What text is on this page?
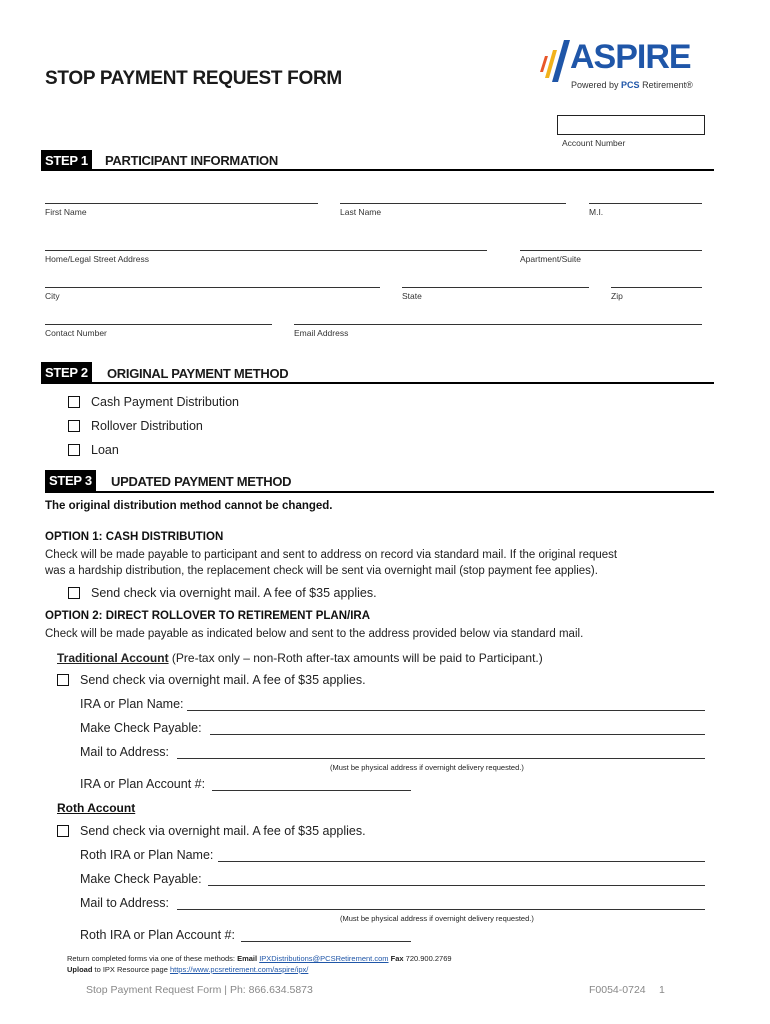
STOP PAYMENT REQUEST FORM
ASPIRE
Powered by PCS Retirement®
Account Number
STEP 1	PARTICIPANT INFORMATION
First Name	Last Name	M.I.
Home/Legal Street Address	Apartment/Suite
City	State	Zip
Contact Number	Email Address
STEP 2	ORIGINAL PAYMENT METHOD
Cash Payment Distribution
Rollover Distribution
Loan
STEP 3	UPDATED PAYMENT METHOD
The original distribution method cannot be changed.
OPTION 1: CASH DISTRIBUTION
Check will be made payable to participant and sent to address on record via standard mail. If the original request
was a hardship distribution, the replacement check will be sent via overnight mail (stop payment fee applies).
Send check via overnight mail. A fee of $35 applies.
OPTION 2: DIRECT ROLLOVER TO RETIREMENT PLAN/IRA
Check will be made payable as indicated below and sent to the address provided below via standard mail.
Traditional Account (Pre-tax only – non-Roth after-tax amounts will be paid to Participant.)
Send check via overnight mail. A fee of $35 applies.
IRA or Plan Name:
Make Check Payable:
Mail to Address:
(Must be physical address if overnight delivery requested.)
IRA or Plan Account #:
Roth Account
Send check via overnight mail. A fee of $35 applies.
Roth IRA or Plan Name:
Make Check Payable:
Mail to Address:
(Must be physical address if overnight delivery requested.)
Roth IRA or Plan Account #:
Return completed forms via one of these methods: Email IPXDistributions@PCSRetirement.com Fax 720.900.2769
Upload to IPX Resource page https://www.pcsretirement.com/aspire/ipx/
Stop Payment Request Form | Ph: 866.634.5873	F0054-0724 1
